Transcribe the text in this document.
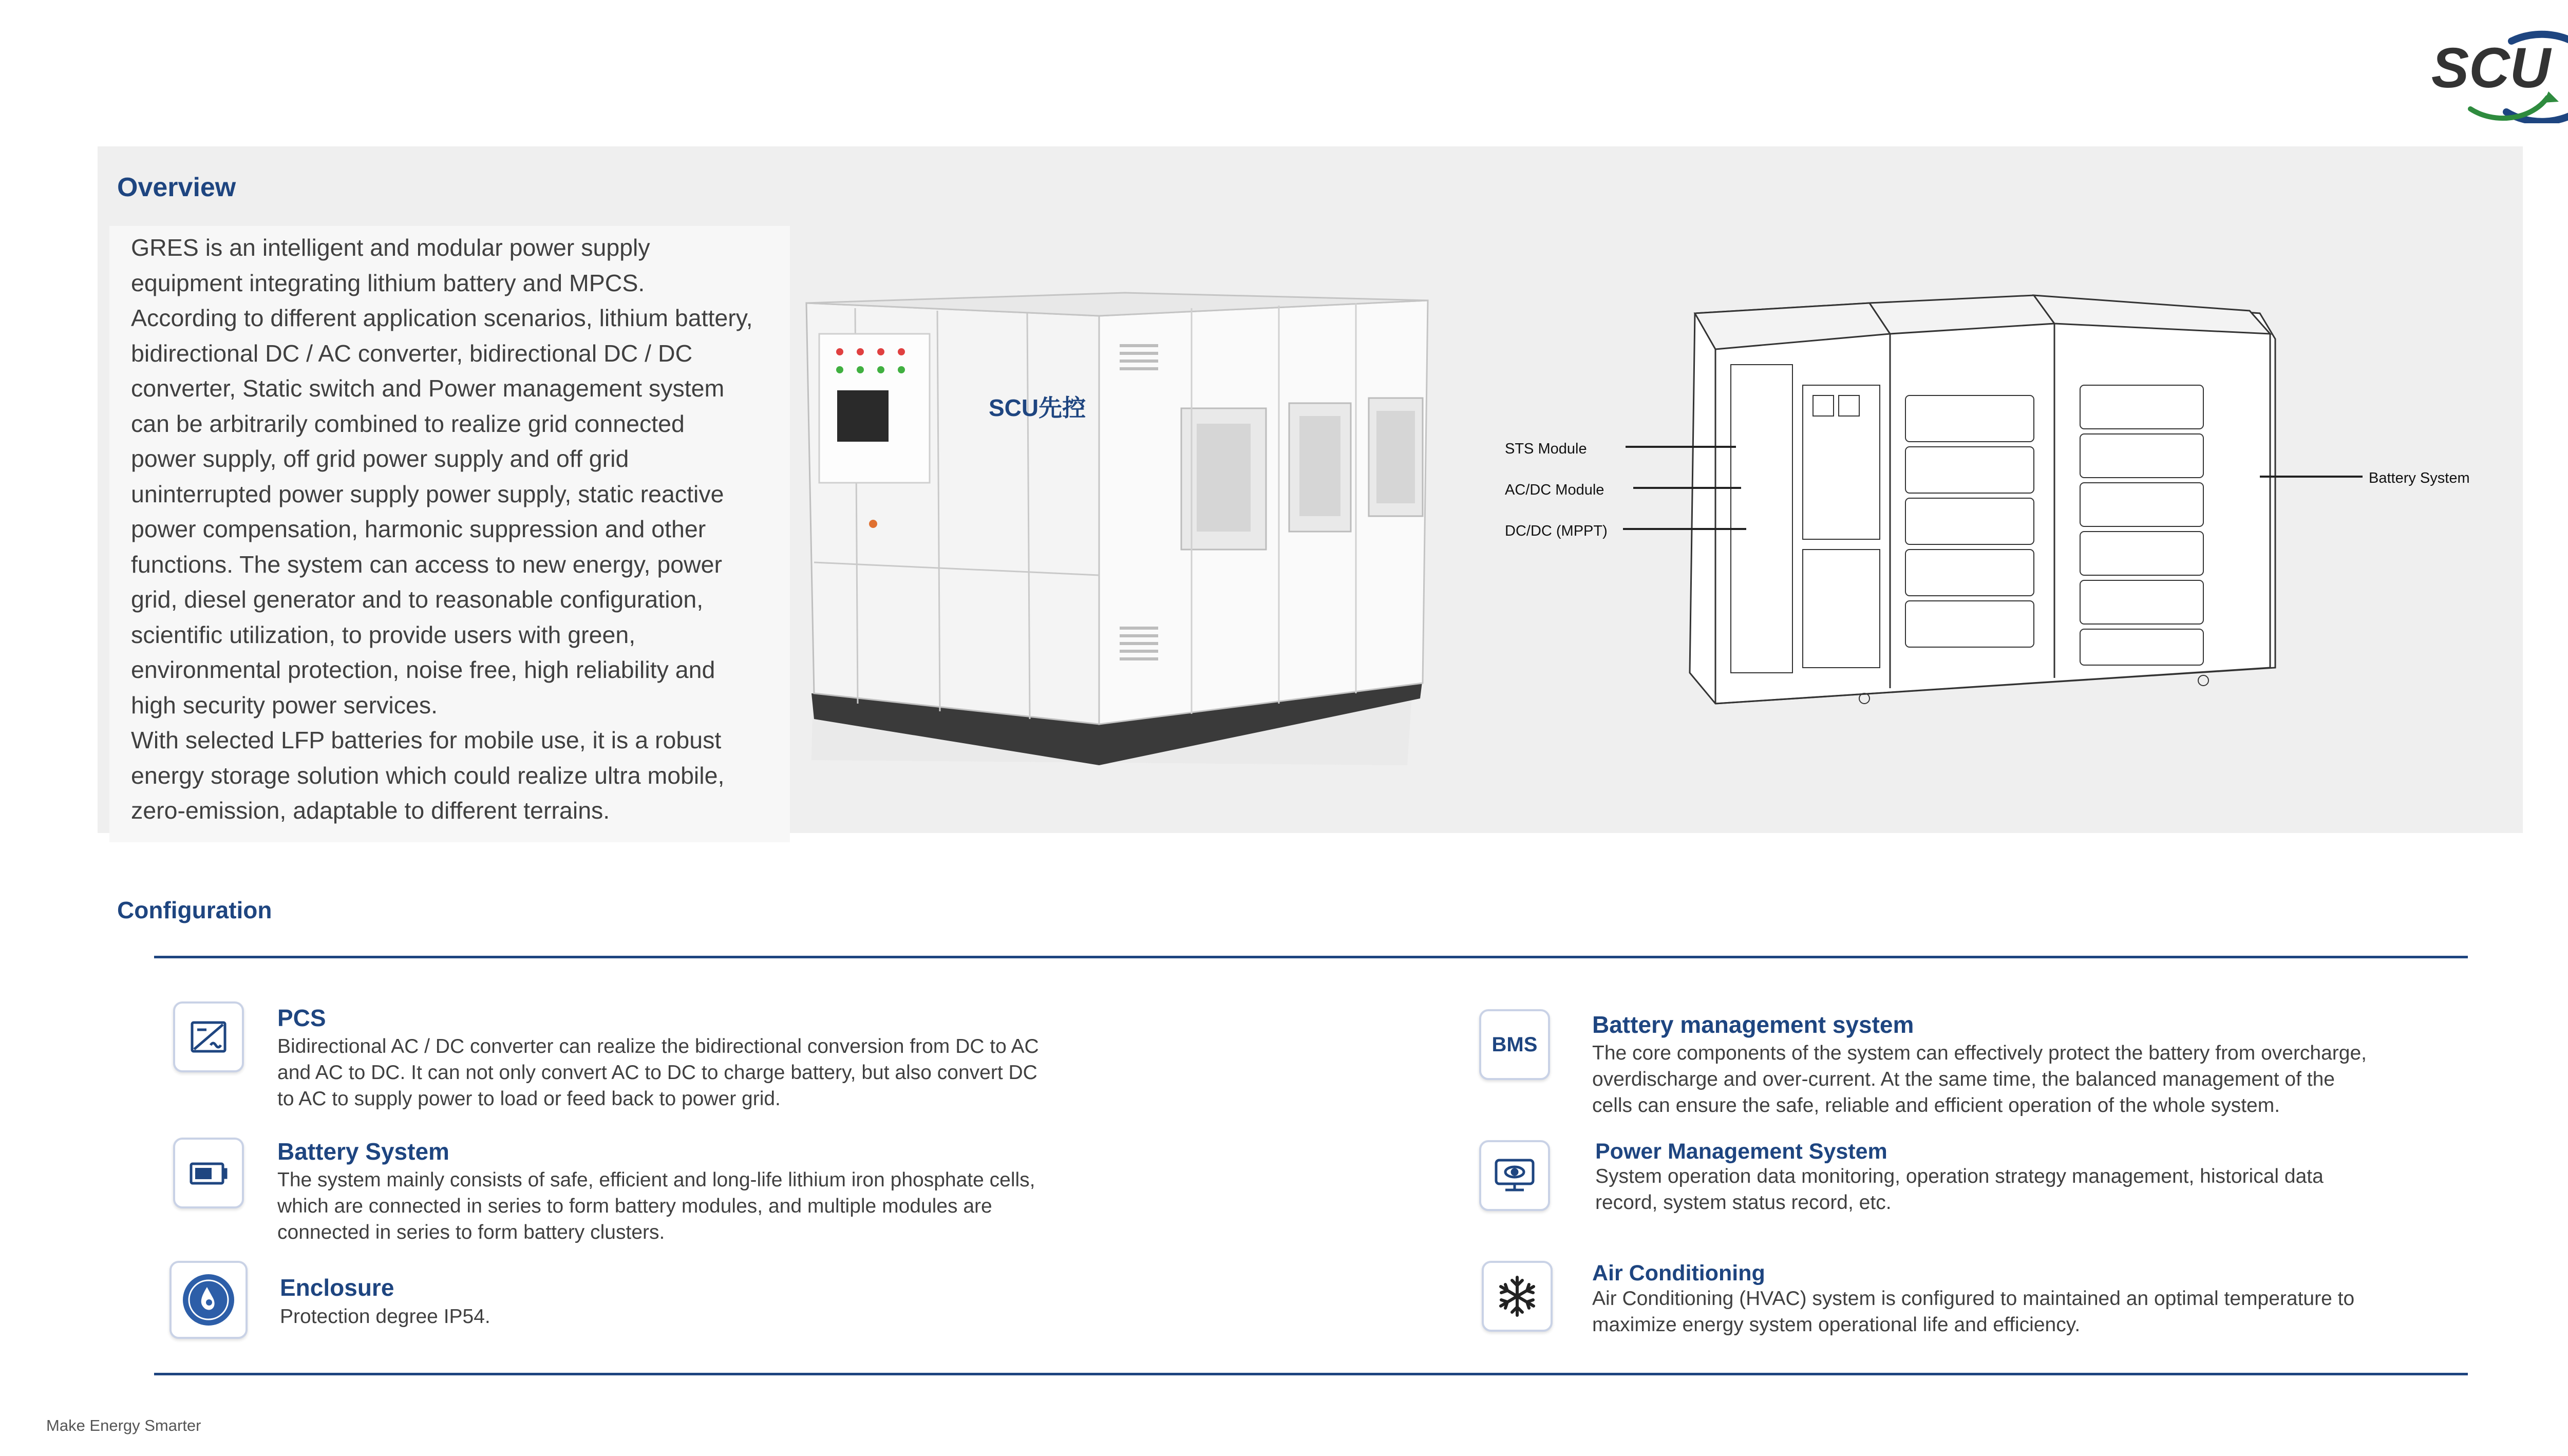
SCU
Overview
GRES is an intelligent and modular power supply
equipment integrating lithium battery and MPCS.
According to different application scenarios, lithium battery,
bidirectional DC / AC converter, bidirectional DC / DC
converter, Static switch and Power management system
can be arbitrarily combined to realize grid connected
power supply, off grid power supply and off grid
uninterrupted power supply power supply, static reactive
power compensation, harmonic suppression and other
functions. The system can access to new energy, power
grid, diesel generator and to reasonable configuration,
scientific utilization, to provide users with green,
environmental protection, noise free, high reliability and
high security power services.
With selected LFP batteries for mobile use, it is a robust
energy storage solution which could realize ultra mobile,
zero-emission, adaptable to different terrains.
SCU先控
STS Module
AC/DC Module
DC/DC (MPPT)
Battery System
Configuration
PCS
Bidirectional AC / DC converter can realize the bidirectional conversion from DC to AC
and AC to DC. It can not only convert AC to DC to charge battery, but also convert DC
to AC to supply power to load or feed back to power grid.
Battery System
The system mainly consists of safe, efficient and long-life lithium iron phosphate cells,
which are connected in series to form battery modules, and multiple modules are
connected in series to form battery clusters.
Enclosure
Protection degree IP54.
BMS
Battery management system
The core components of the system can effectively protect the battery from overcharge,
overdischarge and over-current. At the same time, the balanced management of the
cells can ensure the safe, reliable and efficient operation of the whole system.
Power Management System
System operation data monitoring, operation strategy management, historical data
record, system status record, etc.
Air Conditioning
Air Conditioning (HVAC) system is configured to maintained an optimal temperature to
maximize energy system operational life and efficiency.
Make Energy Smarter
